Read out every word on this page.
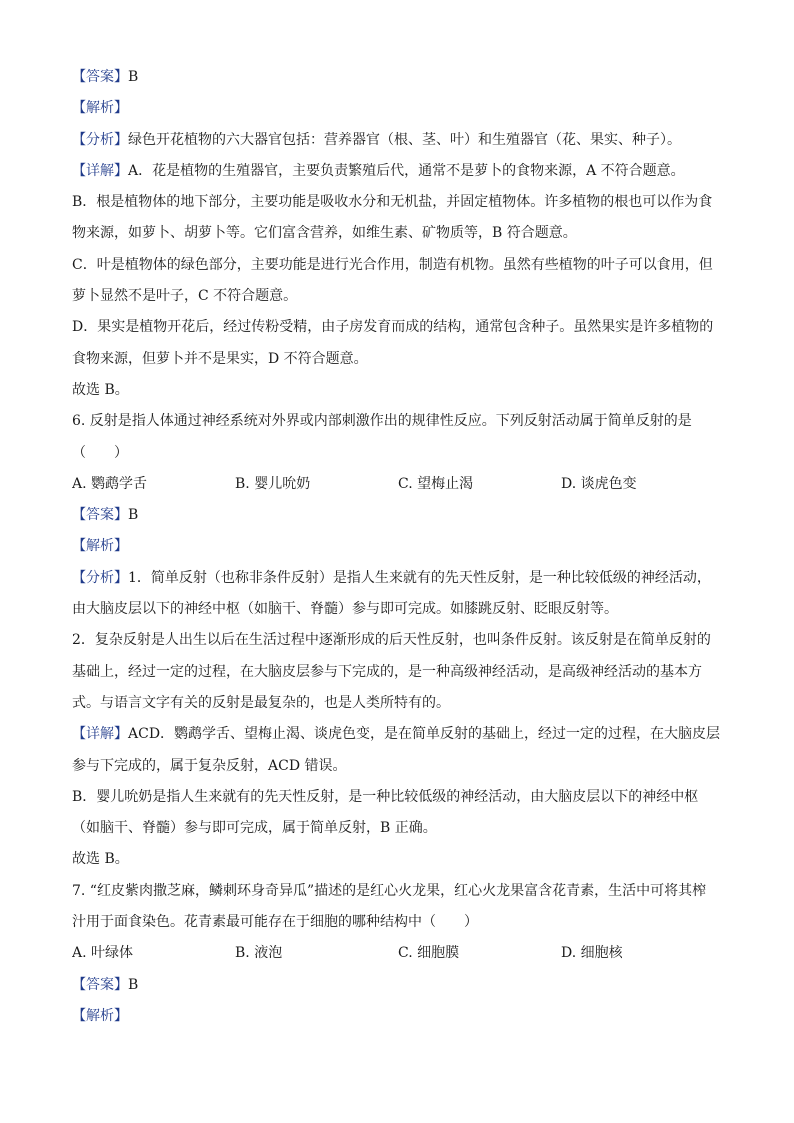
【答案】B
【解析】
【分析】绿色开花植物的六大器官包括：营养器官（根、茎、叶）和生殖器官（花、果实、种子）。
【详解】A．花是植物的生殖器官，主要负责繁殖后代，通常不是萝卜的食物来源，A 不符合题意。
B．根是植物体的地下部分，主要功能是吸收水分和无机盐，并固定植物体。许多植物的根也可以作为食
物来源，如萝卜、胡萝卜等。它们富含营养，如维生素、矿物质等，B 符合题意。
C．叶是植物体的绿色部分，主要功能是进行光合作用，制造有机物。虽然有些植物的叶子可以食用，但
萝卜显然不是叶子，C 不符合题意。
D．果实是植物开花后，经过传粉受精，由子房发育而成的结构，通常包含种子。虽然果实是许多植物的
食物来源，但萝卜并不是果实，D 不符合题意。
故选 B。
6. 反射是指人体通过神经系统对外界或内部刺激作出的规律性反应。下列反射活动属于简单反射的是
（　　）
A. 鹦鹉学舌	B. 婴儿吮奶	C. 望梅止渴	D. 谈虎色变
【答案】B
【解析】
【分析】1．简单反射（也称非条件反射）是指人生来就有的先天性反射，是一种比较低级的神经活动，
由大脑皮层以下的神经中枢（如脑干、脊髓）参与即可完成。如膝跳反射、眨眼反射等。
2．复杂反射是人出生以后在生活过程中逐渐形成的后天性反射，也叫条件反射。该反射是在简单反射的
基础上，经过一定的过程，在大脑皮层参与下完成的，是一种高级神经活动，是高级神经活动的基本方
式。与语言文字有关的反射是最复杂的，也是人类所特有的。
【详解】ACD．鹦鹉学舌、望梅止渴、谈虎色变，是在简单反射的基础上，经过一定的过程，在大脑皮层
参与下完成的，属于复杂反射，ACD 错误。
B．婴儿吮奶是指人生来就有的先天性反射，是一种比较低级的神经活动，由大脑皮层以下的神经中枢
（如脑干、脊髓）参与即可完成，属于简单反射，B 正确。
故选 B。
7. “红皮紫肉撒芝麻，鳞刺环身奇异瓜”描述的是红心火龙果，红心火龙果富含花青素，生活中可将其榨
汁用于面食染色。花青素最可能存在于细胞的哪种结构中（　　）
A. 叶绿体	B. 液泡	C. 细胞膜	D. 细胞核
【答案】B
【解析】
